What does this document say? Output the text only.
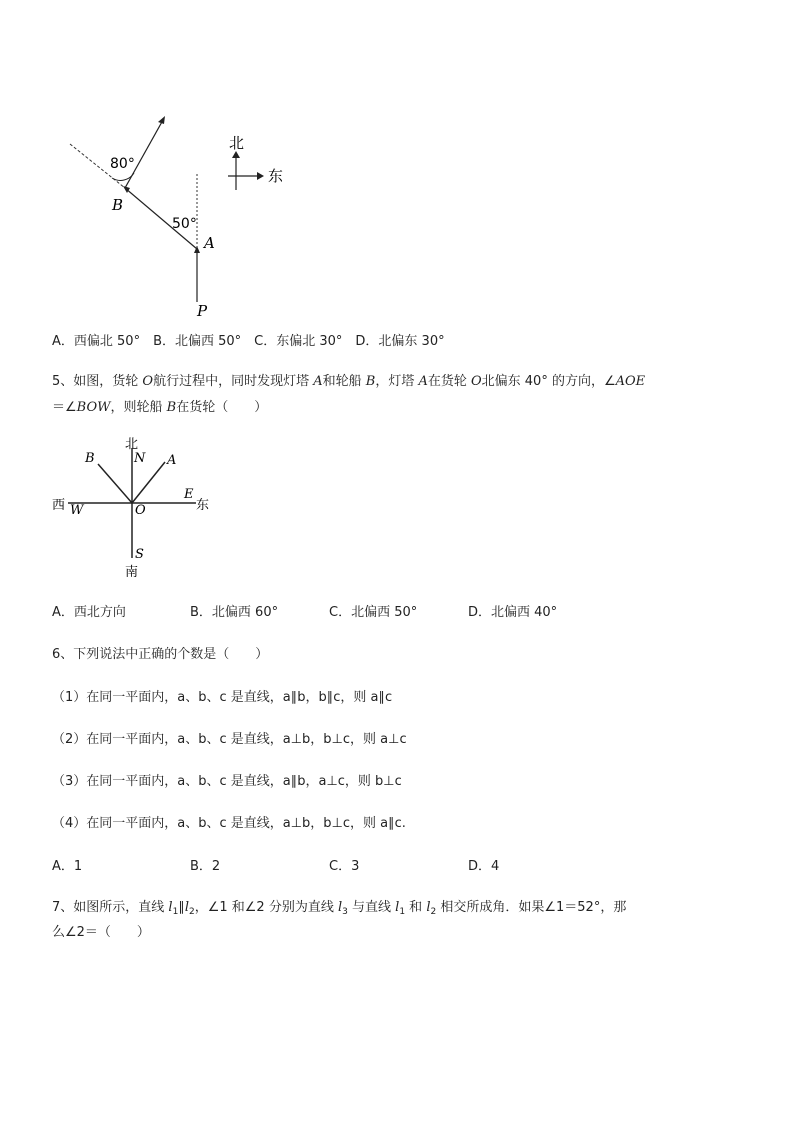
80°
50°
B
A
P
北
东
A．西偏北 50°　B．北偏西 50°　C．东偏北 30°　D．北偏东 30°
5、如图，货轮 O航行过程中，同时发现灯塔 A和轮船 B，灯塔 A在货轮 O北偏东 40° 的方向，∠AOE
＝∠BOW，则轮船 B在货轮（　　）
北
N
B	A
西 W	O
E
东
S
南
A．西北方向	B．北偏西 60°	C．北偏西 50°	D．北偏西 40°
6、下列说法中正确的个数是（　　）
（1）在同一平面内，a、b、c 是直线，a∥b，b∥c，则 a∥c
（2）在同一平面内，a、b、c 是直线，a⊥b，b⊥c，则 a⊥c
（3）在同一平面内，a、b、c 是直线，a∥b，a⊥c，则 b⊥c
（4）在同一平面内，a、b、c 是直线，a⊥b，b⊥c，则 a∥c.
A．1	B．2	C．3	D．4
7、如图所示，直线 $l_1\parallel l_2$，∠1 和∠2 分别为直线 $l_3$ 与直线 $l_1$ 和 $l_2$ 相交所成角．如果∠1＝52°，那
么∠2＝（　　）
